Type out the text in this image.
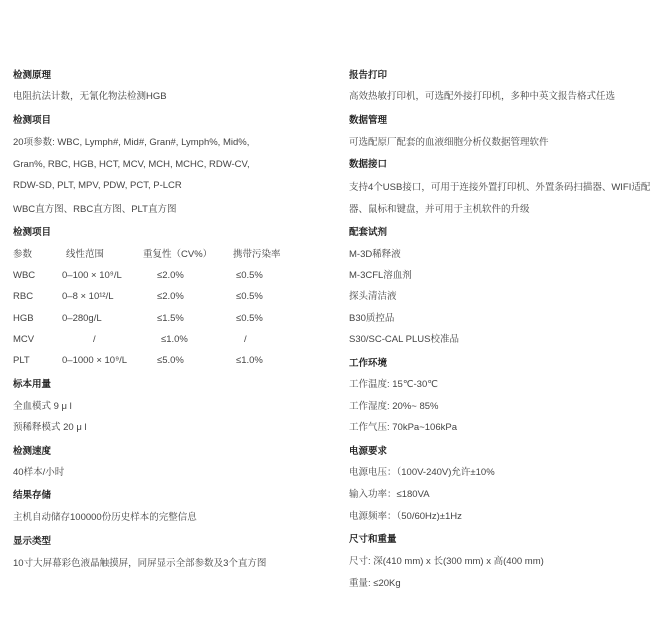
检测原理
电阻抗法计数，无氰化物法检测HGB
检测项目
20项参数: WBC, Lymph#, Mid#, Gran#, Lymph%, Mid%,
Gran%, RBC, HGB, HCT, MCV, MCH, MCHC, RDW-CV,
RDW-SD, PLT, MPV, PDW, PCT, P-LCR
WBC直方图、RBC直方图、PLT直方图
检测项目
参数	线性范围	重复性（CV%） 携带污染率
WBC	0–100 × 10⁹/L	≤2.0%	≤0.5%
RBC	0–8 × 10¹²/L	≤2.0%	≤0.5%
HGB	0–280g/L	≤1.5%	≤0.5%
MCV	/	≤1.0%	/
PLT	0–1000 × 10⁹/L	≤5.0%	≤1.0%
标本用量
全血模式 9 μ l
预稀释模式 20 μ l
检测速度
40样本/小时
结果存储
主机自动储存100000份历史样本的完整信息
显示类型
10寸大屏幕彩色液晶触摸屏，同屏显示全部参数及3个直方图
报告打印
高效热敏打印机，可选配外接打印机，多种中英文报告格式任选
数据管理
可选配原厂配套的血液细胞分析仪数据管理软件
数据接口
支持4个USB接口，可用于连接外置打印机、外置条码扫描器、WIFI适配
器、鼠标和键盘，并可用于主机软件的升级
配套试剂
M-3D稀释液
M-3CFL溶血剂
探头清洁液
B30质控品
S30/SC-CAL PLUS校准品
工作环境
工作温度: 15℃-30℃
工作湿度: 20%~ 85%
工作气压: 70kPa~106kPa
电源要求
电源电压：（100V-240V)允许±10%
输入功率：≤180VA
电源频率：（50/60Hz)±1Hz
尺寸和重量
尺寸: 深(410 mm) x 长(300 mm) x 高(400 mm)
重量: ≤20Kg
